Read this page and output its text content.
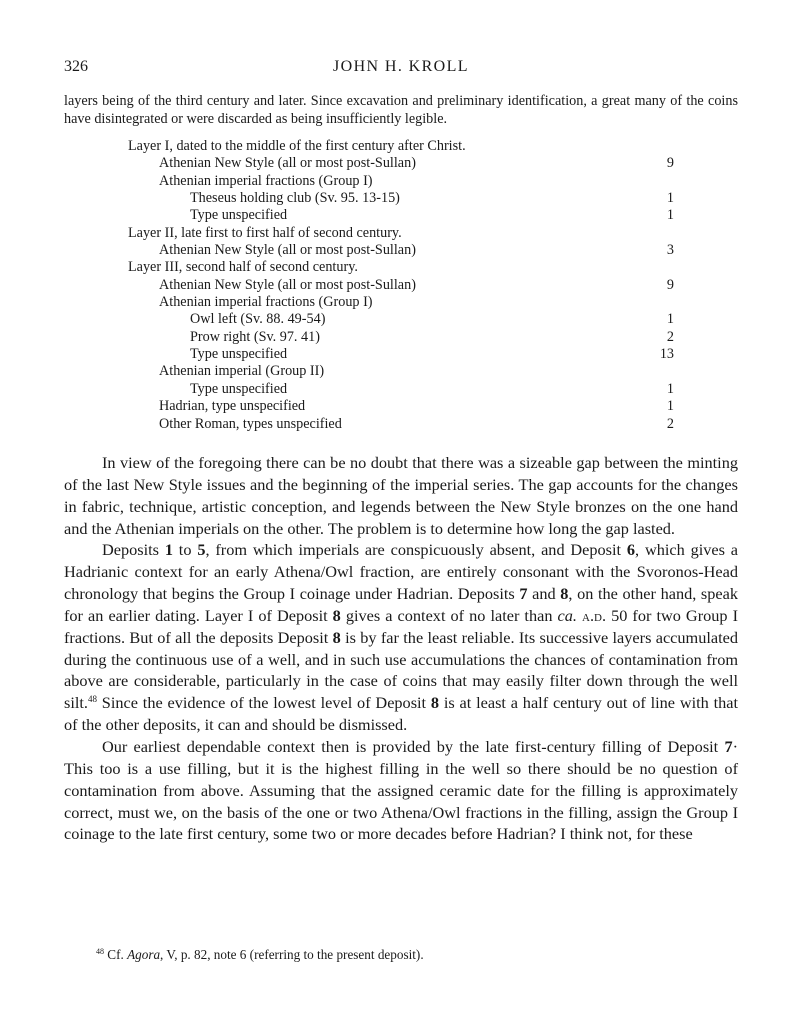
326	JOHN H. KROLL

layers being of the third century and later. Since excavation and preliminary identification, a great many of the coins have disintegrated or were discarded as being insufficiently legible.

Layer I, dated to the middle of the first century after Christ.
Athenian New Style (all or most post-Sullan)	9
Athenian imperial fractions (Group I)
Theseus holding club (Sv. 95. 13-15)	1
Type unspecified	1
Layer II, late first to first half of second century.
Athenian New Style (all or most post-Sullan)	3
Layer III, second half of second century.
Athenian New Style (all or most post-Sullan)	9
Athenian imperial fractions (Group I)
Owl left (Sv. 88. 49-54)	1
Prow right (Sv. 97. 41)	2
Type unspecified	13
Athenian imperial (Group II)
Type unspecified	1
Hadrian, type unspecified	1
Other Roman, types unspecified	2

In view of the foregoing there can be no doubt that there was a sizeable gap between the minting of the last New Style issues and the beginning of the imperial series. The gap accounts for the changes in fabric, technique, artistic conception, and legends between the New Style bronzes on the one hand and the Athenian imperials on the other. The problem is to determine how long the gap lasted.

Deposits 1 to 5, from which imperials are conspicuously absent, and Deposit 6, which gives a Hadrianic context for an early Athena/Owl fraction, are entirely consonant with the Svoronos-Head chronology that begins the Group I coinage under Hadrian. Deposits 7 and 8, on the other hand, speak for an earlier dating. Layer I of Deposit 8 gives a context of no later than ca. a.d. 50 for two Group I fractions. But of all the deposits Deposit 8 is by far the least reliable. Its successive layers accumulated during the continuous use of a well, and in such use accumulations the chances of contamination from above are considerable, particularly in the case of coins that may easily filter down through the well silt.$^{48}$ Since the evidence of the lowest level of Deposit 8 is at least a half century out of line with that of the other deposits, it can and should be dismissed.

Our earliest dependable context then is provided by the late first-century filling of Deposit 7· This too is a use filling, but it is the highest filling in the well so there should be no question of contamination from above. Assuming that the assigned ceramic date for the filling is approximately correct, must we, on the basis of the one or two Athena/Owl fractions in the filling, assign the Group I coinage to the late first century, some two or more decades before Hadrian? I think not, for these

$^{48}$ Cf. Agora, V, p. 82, note 6 (referring to the present deposit).
